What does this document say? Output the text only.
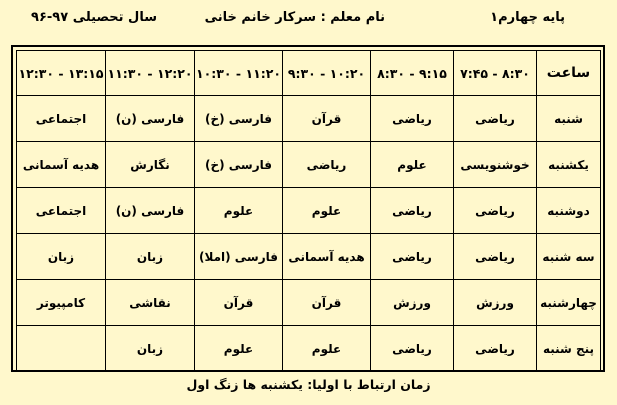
پایه چهارم۱
نام معلم : سرکار خانم خانی
سال تحصیلی ۹۷-۹۶
ساعت	۸:۳۰ - ۷:۴۵	۹:۱۵ - ۸:۳۰	۱۰:۲۰ - ۹:۳۰	۱۱:۲۰ - ۱۰:۳۰	۱۲:۲۰ - ۱۱:۳۰	۱۳:۱۵ - ۱۲:۳۰
شنبه	ریاضی	ریاضی	قرآن	فارسی (خ)	فارسی (ن)	اجتماعی
یکشنبه	خوشنویسی	علوم	ریاضی	فارسی (خ)	نگارش	هدیه آسمانی
دوشنبه	ریاضی	ریاضی	علوم	علوم	فارسی (ن)	اجتماعی
سه شنبه	ریاضی	ریاضی	هدیه آسمانی	فارسی (املا)	زبان	زبان
چهارشنبه	ورزش	ورزش	قرآن	قرآن	نقاشی	کامپیوتر
پنج شنبه	ریاضی	ریاضی	علوم	علوم	زبان	
زمان ارتباط با اولیا: یکشنبه ها زنگ اول
